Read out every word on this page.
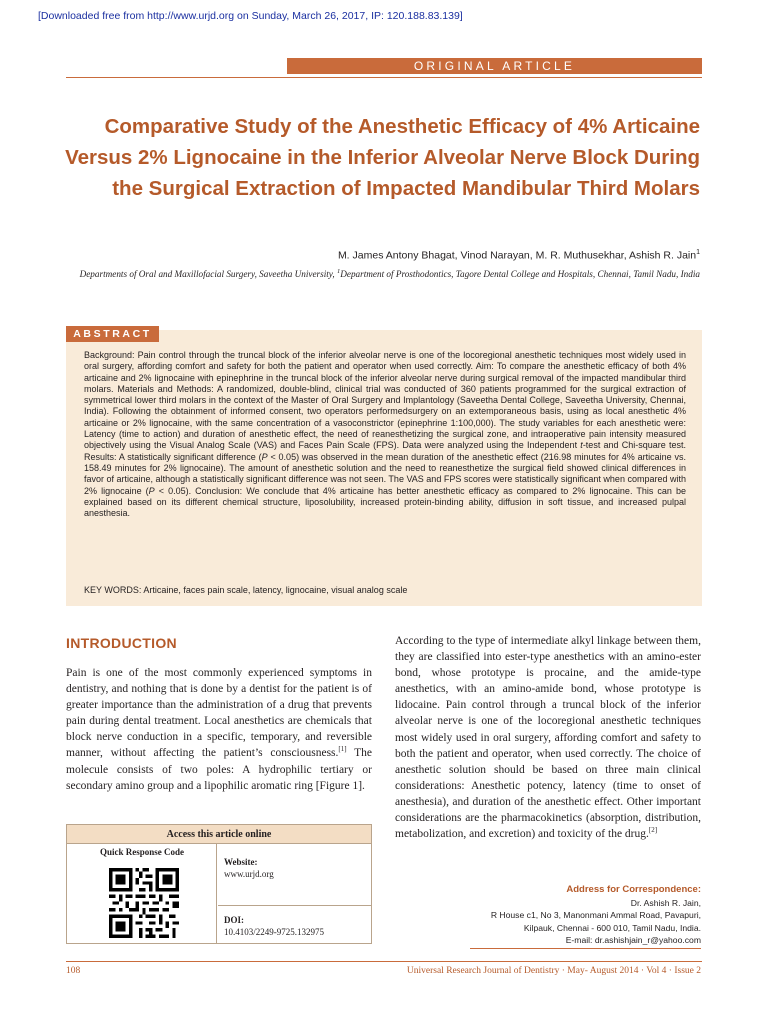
[Downloaded free from http://www.urjd.org on Sunday, March 26, 2017, IP: 120.188.83.139]
ORIGINAL ARTICLE
Comparative Study of the Anesthetic Efficacy of 4% Articaine Versus 2% Lignocaine in the Inferior Alveolar Nerve Block During the Surgical Extraction of Impacted Mandibular Third Molars
M. James Antony Bhagat, Vinod Narayan, M. R. Muthusekhar, Ashish R. Jain$^1$
Departments of Oral and Maxillofacial Surgery, Saveetha University, $^1$Department of Prosthodontics, Tagore Dental College and Hospitals, Chennai, Tamil Nadu, India
ABSTRACT

Background: Pain control through the truncal block of the inferior alveolar nerve is one of the locoregional anesthetic techniques most widely used in oral surgery, affording comfort and safety for both the patient and operator when used correctly. Aim: To compare the anesthetic efficacy of both 4% articaine and 2% lignocaine with epinephrine in the truncal block of the inferior alveolar nerve during surgical removal of the impacted mandibular third molars. Materials and Methods: A randomized, double-blind, clinical trial was conducted of 360 patients programmed for the surgical extraction of symmetrical lower third molars in the context of the Master of Oral Surgery and Implantology (Saveetha Dental College, Saveetha University, Chennai, India). Following the obtainment of informed consent, two operators performedsurgery on an extemporaneous basis, using as local anesthetic 4% articaine or 2% lignocaine, with the same concentration of a vasoconstrictor (epinephrine 1:100,000). The study variables for each anesthetic were: Latency (time to action) and duration of anesthetic effect, the need of reanesthetizing the surgical zone, and intraoperative pain intensity measured objectively using the Visual Analog Scale (VAS) and Faces Pain Scale (FPS). Data were analyzed using the Independent t-test and Chi-square test. Results: A statistically significant difference (P < 0.05) was observed in the mean duration of the anesthetic effect (216.98 minutes for 4% articaine vs. 158.49 minutes for 2% lignocaine). The amount of anesthetic solution and the need to reanesthetize the surgical field showed clinical differences in favor of articaine, although a statistically significant difference was not seen. The VAS and FPS scores were statistically significant when compared with 2% lignocaine (P < 0.05). Conclusion: We conclude that 4% articaine has better anesthetic efficacy as compared to 2% lignocaine. This can be explained based on its different chemical structure, liposolubility, increased protein-binding ability, diffusion in soft tissue, and increased pulpal anesthesia.

KEY WORDS: Articaine, faces pain scale, latency, lignocaine, visual analog scale
INTRODUCTION

Pain is one of the most commonly experienced symptoms in dentistry, and nothing that is done by a dentist for the patient is of greater importance than the administration of a drug that prevents pain during dental treatment. Local anesthetics are chemicals that block nerve conduction in a specific, temporary, and reversible manner, without affecting the patient’s consciousness.[1] The molecule consists of two poles: A hydrophilic tertiary or secondary amino group and a lipophilic aromatic ring [Figure 1].

According to the type of intermediate alkyl linkage between them, they are classified into ester-type anesthetics with an amino-ester bond, whose prototype is procaine, and the amide-type anesthetics, with an amino-amide bond, whose prototype is lidocaine. Pain control through a truncal block of the inferior alveolar nerve is one of the locoregional anesthetic techniques most widely used in oral surgery, affording comfort and safety to both the patient and operator, when used correctly. The choice of anesthetic solution should be based on three main clinical considerations: Anesthetic potency, latency (time to onset of anesthesia), and duration of the anesthetic effect. Other important considerations are the pharmacokinetics (absorption, distribution, metabolization, and excretion) and toxicity of the drug.[2]

Access this article online
Quick Response Code
Website:
www.urjd.org
DOI:
10.4103/2249-9725.132975
Address for Correspondence:
Dr. Ashish R. Jain,
R House c1, No 3, Manonmani Ammal Road, Pavapuri,
Kilpauk, Chennai - 600 010, Tamil Nadu, India.
E-mail: dr.ashishjain_r@yahoo.com
108	Universal Research Journal of Dentistry · May- August 2014 · Vol 4 · Issue 2
